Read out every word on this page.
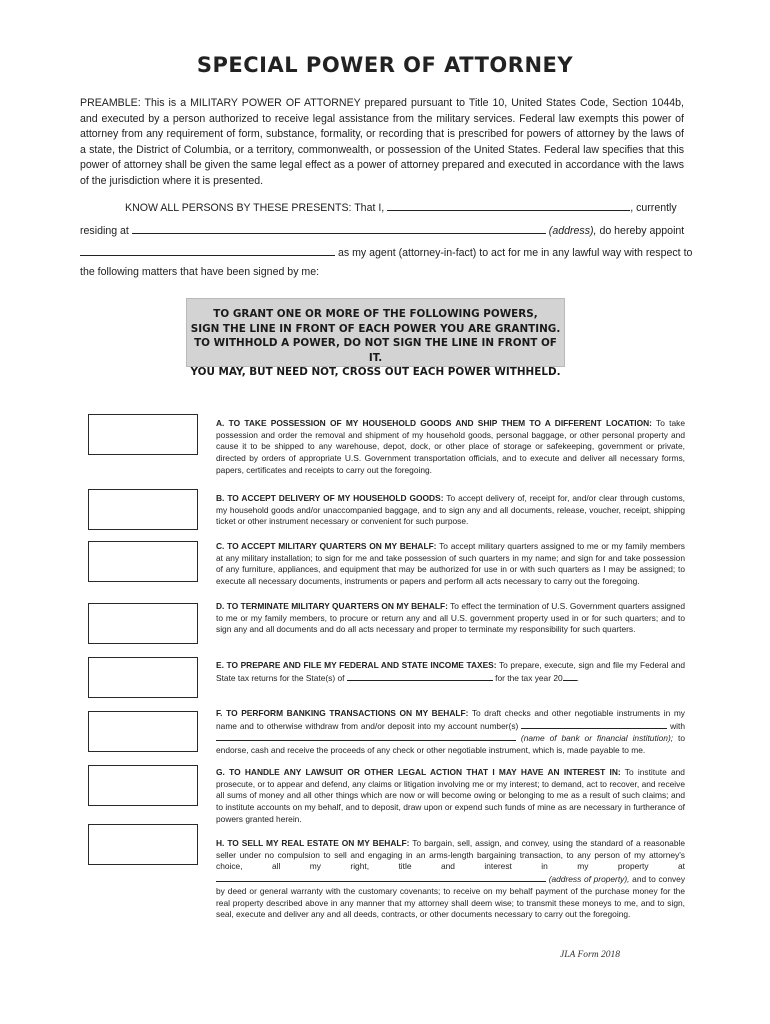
SPECIAL POWER OF ATTORNEY
PREAMBLE: This is a MILITARY POWER OF ATTORNEY prepared pursuant to Title 10, United States Code, Section 1044b, and executed by a person authorized to receive legal assistance from the military services. Federal law exempts this power of attorney from any requirement of form, substance, formality, or recording that is prescribed for powers of attorney by the laws of a state, the District of Columbia, or a territory, commonwealth, or possession of the United States. Federal law specifies that this power of attorney shall be given the same legal effect as a power of attorney prepared and executed in accordance with the laws of the jurisdiction where it is presented.
KNOW ALL PERSONS BY THESE PRESENTS: That I,	, currently
residing at	(address), do hereby appoint
as my agent (attorney-in-fact) to act for me in any lawful way with respect to
the following matters that have been signed by me:
TO GRANT ONE OR MORE OF THE FOLLOWING POWERS,
SIGN THE LINE IN FRONT OF EACH POWER YOU ARE GRANTING.
TO WITHHOLD A POWER, DO NOT SIGN THE LINE IN FRONT OF IT.
YOU MAY, BUT NEED NOT, CROSS OUT EACH POWER WITHHELD.
A. TO TAKE POSSESSION OF MY HOUSEHOLD GOODS AND SHIP THEM TO A DIFFERENT LOCATION: To take possession and order the removal and shipment of my household goods, personal baggage, or other personal property and cause it to be shipped to any warehouse, depot, dock, or other place of storage or safekeeping, government or private, directed by orders of appropriate U.S. Government transportation officials, and to execute and deliver all necessary forms, papers, certificates and receipts to carry out the foregoing.
B. TO ACCEPT DELIVERY OF MY HOUSEHOLD GOODS: To accept delivery of, receipt for, and/or clear through customs, my household goods and/or unaccompanied baggage, and to sign any and all documents, release, voucher, receipt, shipping ticket or other instrument necessary or convenient for such purpose.
C. TO ACCEPT MILITARY QUARTERS ON MY BEHALF: To accept military quarters assigned to me or my family members at any military installation; to sign for me and take possession of such quarters in my name; and sign for and take possession of any furniture, appliances, and equipment that may be authorized for use in or with such quarters as I may be assigned; to execute all necessary documents, instruments or papers and perform all acts necessary to carry out the foregoing.
D. TO TERMINATE MILITARY QUARTERS ON MY BEHALF: To effect the termination of U.S. Government quarters assigned to me or my family members, to procure or return any and all U.S. government property used in or for such quarters; and to sign any and all documents and do all acts necessary and proper to terminate my responsibility for such quarters.
E. TO PREPARE AND FILE MY FEDERAL AND STATE INCOME TAXES: To prepare, execute, sign and file my Federal and State tax returns for the State(s) of	for the tax year 20 .
F. TO PERFORM BANKING TRANSACTIONS ON MY BEHALF: To draft checks and other negotiable instruments in my name and to otherwise withdraw from and/or deposit into my account number(s)	with  (name of bank or financial institution); to endorse, cash and receive the proceeds of any check or other negotiable instrument, which is, made payable to me.
G. TO HANDLE ANY LAWSUIT OR OTHER LEGAL ACTION THAT I MAY HAVE AN INTEREST IN: To institute and prosecute, or to appear and defend, any claims or litigation involving me or my interest; to demand, act to recover, and receive all sums of money and all other things which are now or will become owing or belonging to me as a result of such claims; and to institute accounts on my behalf, and to deposit, draw upon or expend such funds of mine as are necessary in furtherance of powers granted herein.
H. TO SELL MY REAL ESTATE ON MY BEHALF: To bargain, sell, assign, and convey, using the standard of a reasonable seller under no compulsion to sell and engaging in an arms-length bargaining transaction, to any person of my attorney's choice, all my right, title and interest in my property at  (address of property), and to convey by deed or general warranty with the customary covenants; to receive on my behalf payment of the purchase money for the real property described above in any manner that my attorney shall deem wise; to transmit these moneys to me, and to sign, seal, execute and deliver any and all deeds, contracts, or other documents necessary to carry out the foregoing.
JLA Form 2018
